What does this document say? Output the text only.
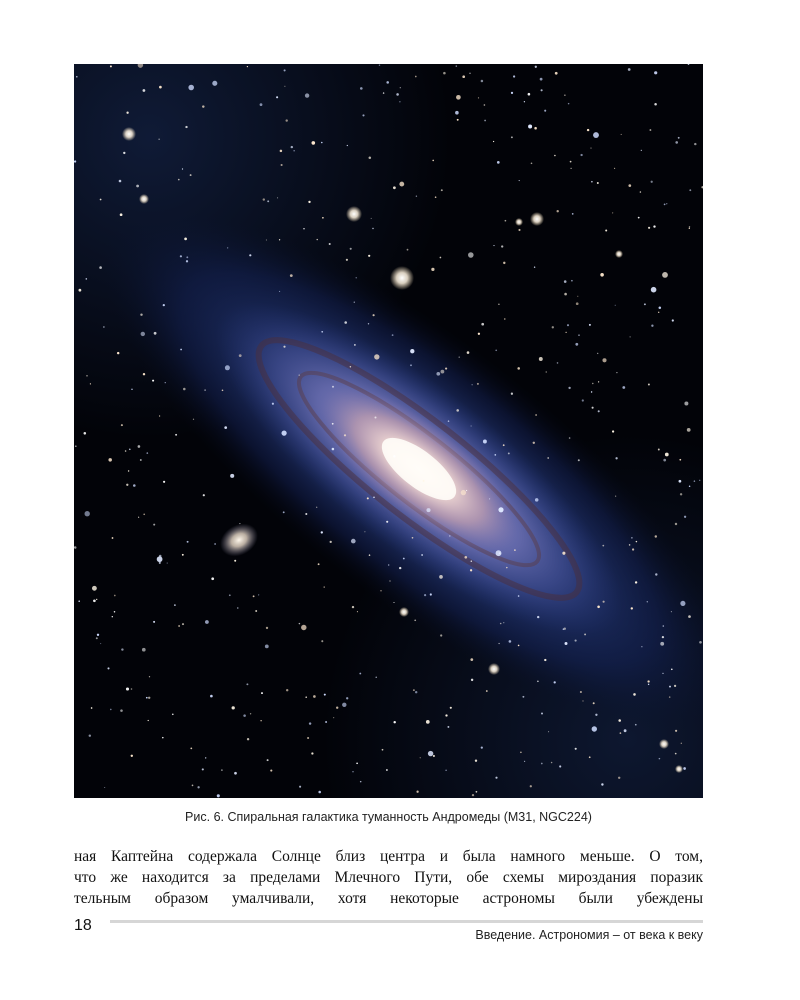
Рис. 6. Спиральная галактика туманность Андромеды (М31, NGC224)
ная Каптейна содержала Солнце близ центра и была намного меньше. О том,
что же находится за пределами Млечного Пути, обе схемы мироздания поразик
тельным образом умалчивали, хотя некоторые астрономы были убеждены
18
Введение. Астрономия – от века к веку
